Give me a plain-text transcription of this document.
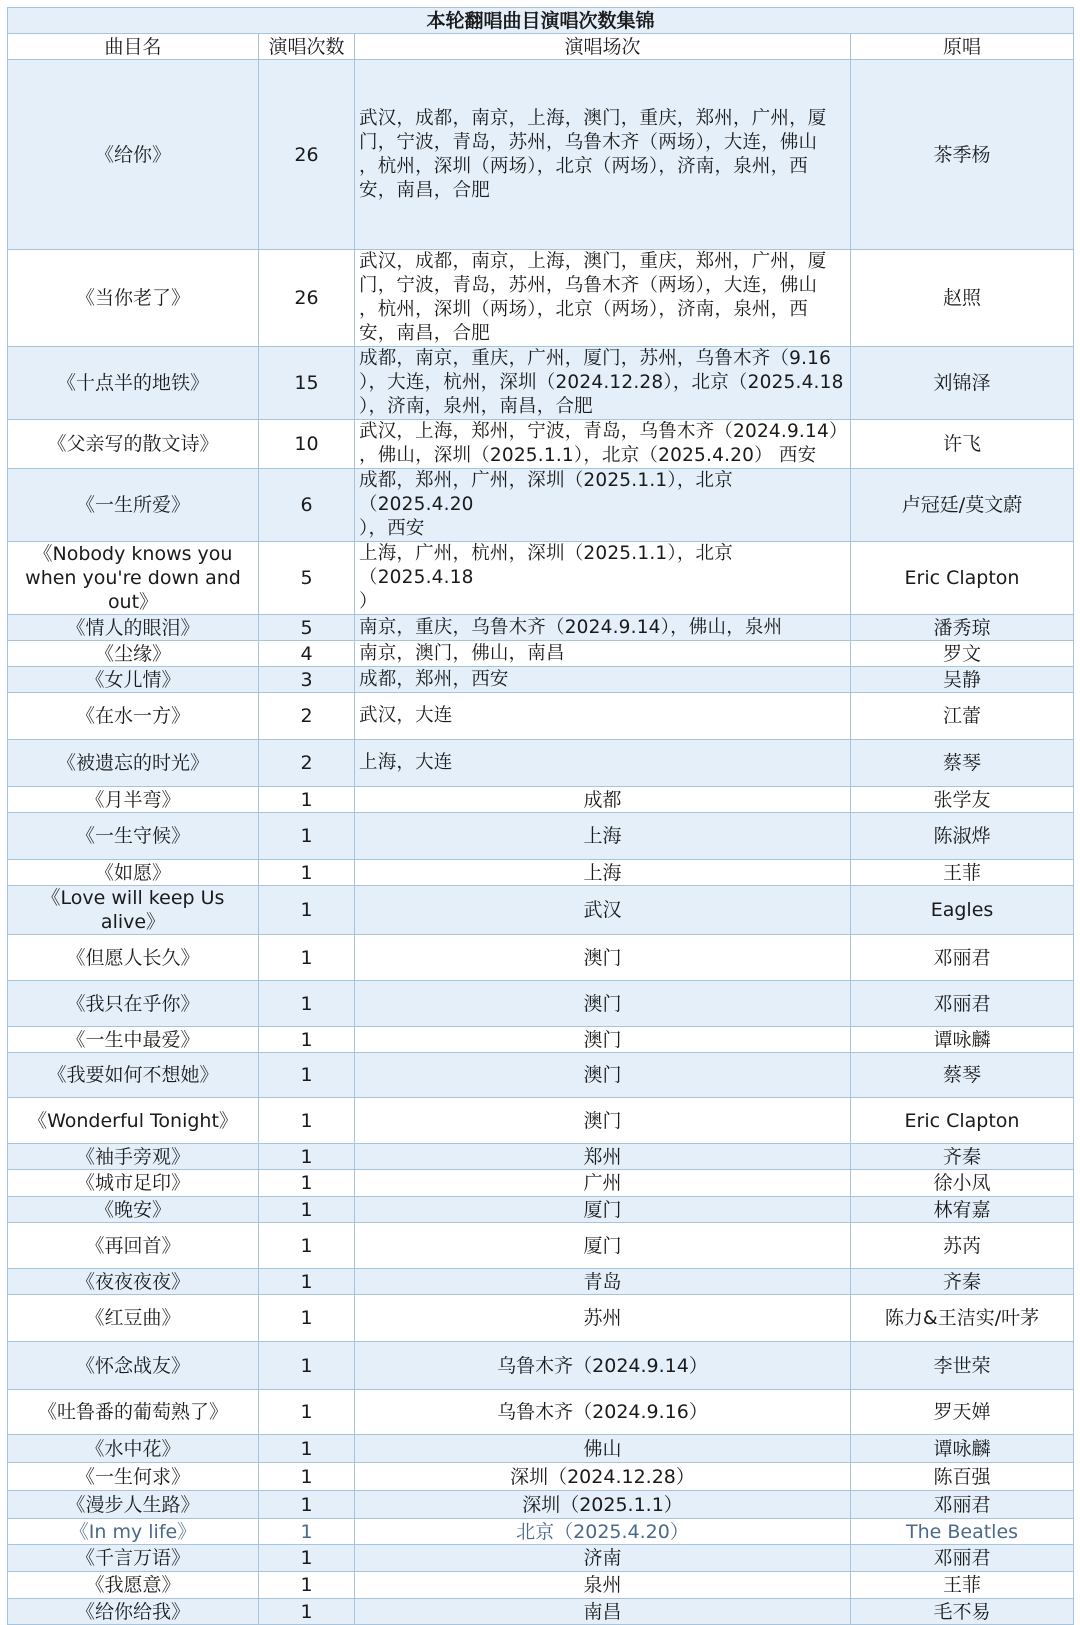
本轮翻唱曲目演唱次数集锦			
曲目名	演唱次数	演唱场次	原唱
《给你》	26	武汉，成都，南京，上海，澳门，重庆，郑州，广州，厦
门，宁波，青岛，苏州，乌鲁木齐（两场），大连，佛山
，杭州，深圳（两场），北京（两场），济南，泉州，西
安，南昌，合肥	茶季杨
《当你老了》	26	武汉，成都，南京，上海，澳门，重庆，郑州，广州，厦
门，宁波，青岛，苏州，乌鲁木齐（两场），大连，佛山
，杭州，深圳（两场），北京（两场），济南，泉州，西
安，南昌，合肥	赵照
《十点半的地铁》	15	成都，南京，重庆，广州，厦门，苏州，乌鲁木齐（9.16
），大连，杭州，深圳（2024.12.28），北京（2025.4.18
），济南，泉州，南昌，合肥	刘锦泽
《父亲写的散文诗》	10	武汉，上海，郑州，宁波，青岛，乌鲁木齐（2024.9.14）
，佛山，深圳（2025.1.1），北京（2025.4.20） 西安	许飞
《一生所爱》	6	成都，郑州，广州，深圳（2025.1.1），北京（2025.4.20
），西安	卢冠廷/莫文蔚
《Nobody knows you when you're down and out》	5	上海，广州，杭州，深圳（2025.1.1），北京（2025.4.18
）	Eric Clapton
《情人的眼泪》	5	南京，重庆，乌鲁木齐（2024.9.14），佛山，泉州	潘秀琼
《尘缘》	4	南京，澳门，佛山，南昌	罗文
《女儿情》	3	成都，郑州，西安	吴静
《在水一方》	2	武汉，大连	江蕾
《被遗忘的时光》	2	上海，大连	蔡琴
《月半弯》	1	成都	张学友
《一生守候》	1	上海	陈淑烨
《如愿》	1	上海	王菲
《Love will keep Us alive》	1	武汉	Eagles
《但愿人长久》	1	澳门	邓丽君
《我只在乎你》	1	澳门	邓丽君
《一生中最爱》	1	澳门	谭咏麟
《我要如何不想她》	1	澳门	蔡琴
《Wonderful Tonight》	1	澳门	Eric Clapton
《袖手旁观》	1	郑州	齐秦
《城市足印》	1	广州	徐小凤
《晚安》	1	厦门	林宥嘉
《再回首》	1	厦门	苏芮
《夜夜夜夜》	1	青岛	齐秦
《红豆曲》	1	苏州	陈力&王洁实/叶茅
《怀念战友》	1	乌鲁木齐（2024.9.14）	李世荣
《吐鲁番的葡萄熟了》	1	乌鲁木齐（2024.9.16）	罗天婵
《水中花》	1	佛山	谭咏麟
《一生何求》	1	深圳（2024.12.28）	陈百强
《漫步人生路》	1	深圳（2025.1.1）	邓丽君
《In my life》	1	北京（2025.4.20）	The Beatles
《千言万语》	1	济南	邓丽君
《我愿意》	1	泉州	王菲
《给你给我》	1	南昌	毛不易
